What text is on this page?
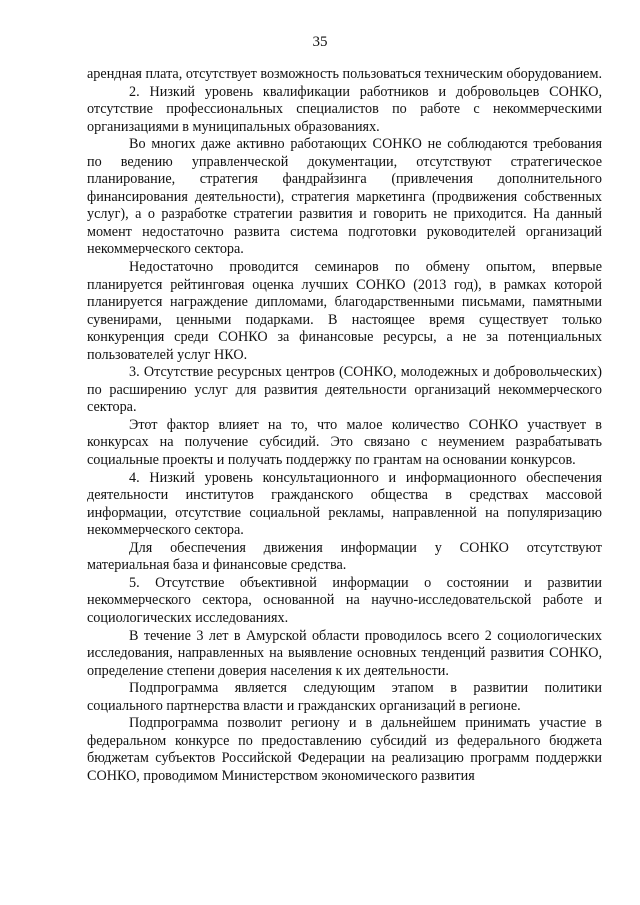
35

арендная плата, отсутствует возможность пользоваться техническим оборудованием.

2. Низкий уровень квалификации работников и добровольцев СОНКО, отсутствие профессиональных специалистов по работе с некоммерческими организациями в муниципальных образованиях.

Во многих даже активно работающих СОНКО не соблюдаются требования по ведению управленческой документации, отсутствуют стратегическое планирование, стратегия фандрайзинга (привлечения дополнительного финансирования деятельности), стратегия маркетинга (продвижения собственных услуг), а о разработке стратегии развития и говорить не приходится. На данный момент недостаточно развита система подготовки руководителей организаций некоммерческого сектора.

Недостаточно проводится семинаров по обмену опытом, впервые планируется рейтинговая оценка лучших СОНКО (2013 год), в рамках которой планируется награждение дипломами, благодарственными письмами, памятными сувенирами, ценными подарками. В настоящее время существует только конкуренция среди СОНКО за финансовые ресурсы, а не за потенциальных пользователей услуг НКО.

3. Отсутствие ресурсных центров (СОНКО, молодежных и добровольческих) по расширению услуг для развития деятельности организаций некоммерческого сектора.

Этот фактор влияет на то, что малое количество СОНКО участвует в конкурсах на получение субсидий. Это связано с неумением разрабатывать социальные проекты и получать поддержку по грантам на основании конкурсов.

4. Низкий уровень консультационного и информационного обеспечения деятельности институтов гражданского общества в средствах массовой информации, отсутствие социальной рекламы, направленной на популяризацию некоммерческого сектора.

Для обеспечения движения информации у СОНКО отсутствуют материальная база и финансовые средства.

5. Отсутствие объективной информации о состоянии и развитии некоммерческого сектора, основанной на научно-исследовательской работе и социологических исследованиях.

В течение 3 лет в Амурской области проводилось всего 2 социологических исследования, направленных на выявление основных тенденций развития СОНКО, определение степени доверия населения к их деятельности.

Подпрограмма является следующим этапом в развитии политики социального партнерства власти и гражданских организаций в регионе.

Подпрограмма позволит региону и в дальнейшем принимать участие в федеральном конкурсе по предоставлению субсидий из федерального бюджета бюджетам субъектов Российской Федерации на реализацию программ поддержки СОНКО, проводимом Министерством экономического развития
